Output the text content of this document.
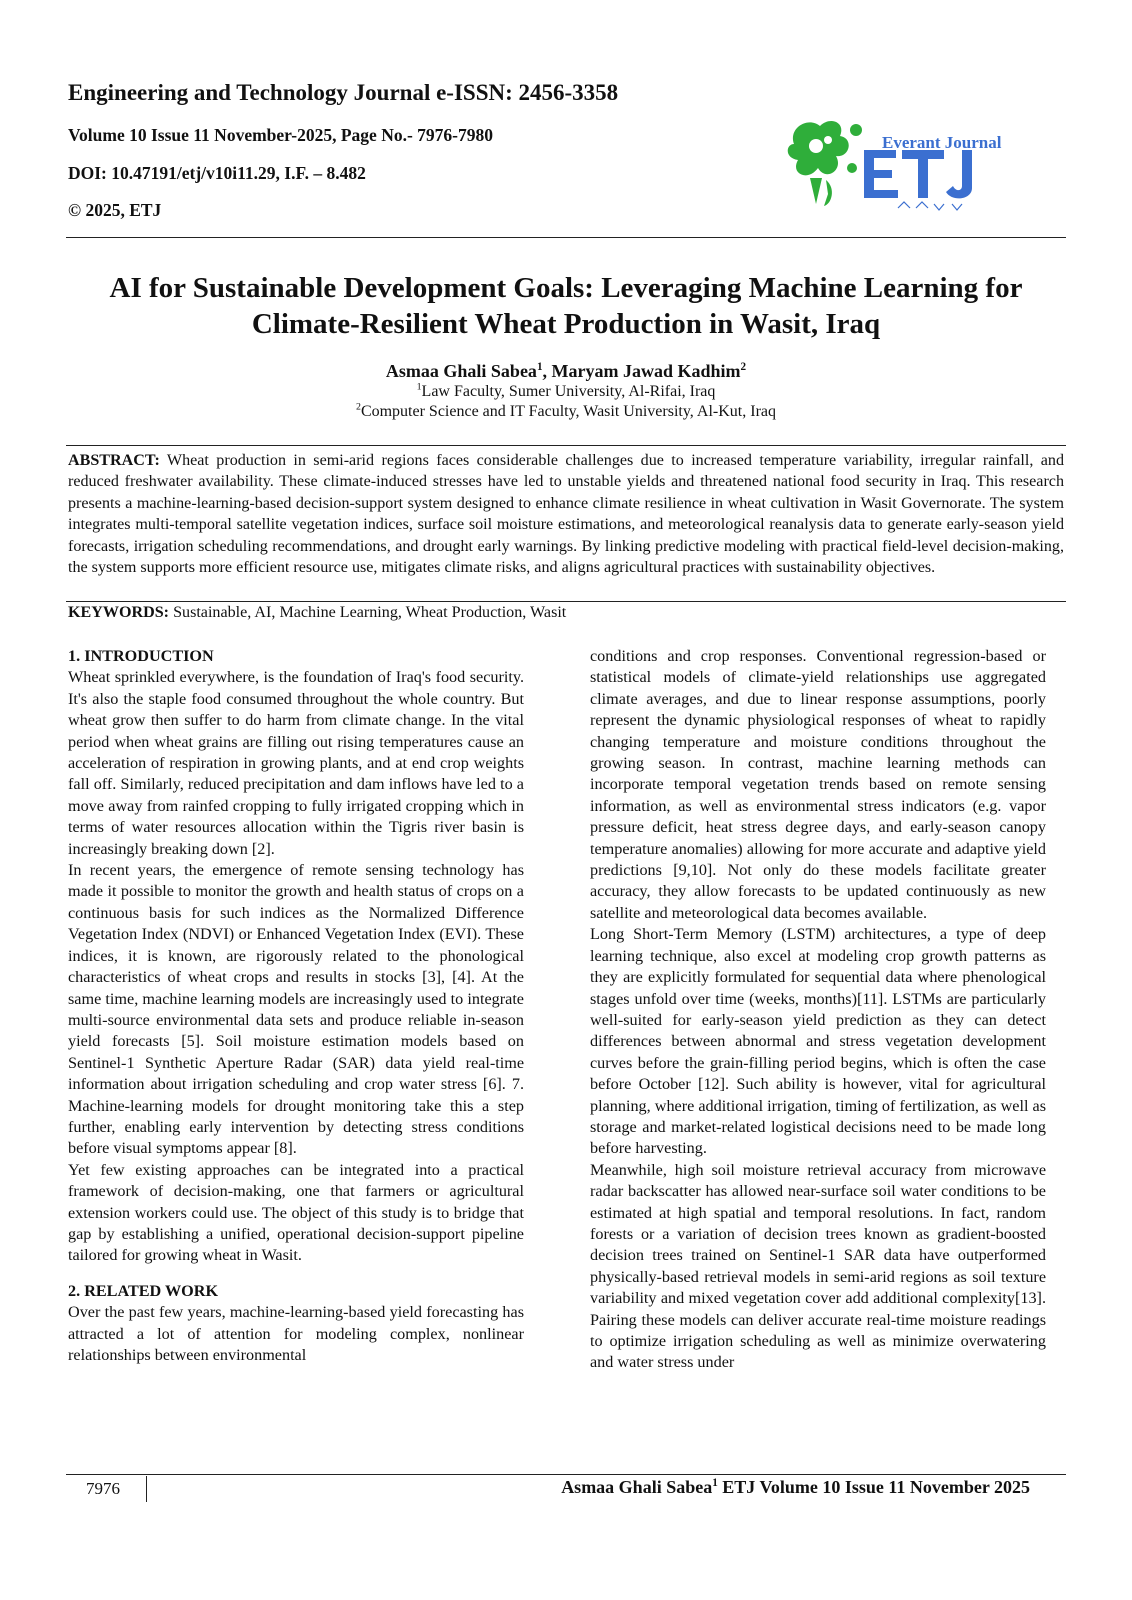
Engineering and Technology Journal e-ISSN: 2456-3358
Volume 10 Issue 11 November-2025, Page No.- 7976-7980
DOI: 10.47191/etj/v10i11.29, I.F. – 8.482
© 2025, ETJ
Everant Journal
AI for Sustainable Development Goals: Leveraging Machine Learning for Climate-Resilient Wheat Production in Wasit, Iraq
Asmaa Ghali Sabea$^1$, Maryam Jawad Kadhim$^2$
$^1$Law Faculty, Sumer University, Al-Rifai, Iraq
$^2$Computer Science and IT Faculty, Wasit University, Al-Kut, Iraq
ABSTRACT: Wheat production in semi-arid regions faces considerable challenges due to increased temperature variability, irregular rainfall, and reduced freshwater availability. These climate-induced stresses have led to unstable yields and threatened national food security in Iraq. This research presents a machine-learning-based decision-support system designed to enhance climate resilience in wheat cultivation in Wasit Governorate. The system integrates multi-temporal satellite vegetation indices, surface soil moisture estimations, and meteorological reanalysis data to generate early-season yield forecasts, irrigation scheduling recommendations, and drought early warnings. By linking predictive modeling with practical field-level decision-making, the system supports more efficient resource use, mitigates climate risks, and aligns agricultural practices with sustainability objectives.
KEYWORDS: Sustainable, AI, Machine Learning, Wheat Production, Wasit
1. INTRODUCTION

Wheat sprinkled everywhere, is the foundation of Iraq's food security. It's also the staple food consumed throughout the whole country. But wheat grow then suffer to do harm from climate change. In the vital period when wheat grains are filling out rising temperatures cause an acceleration of respiration in growing plants, and at end crop weights fall off. Similarly, reduced precipitation and dam inflows have led to a move away from rainfed cropping to fully irrigated cropping which in terms of water resources allocation within the Tigris river basin is increasingly breaking down [2].

In recent years, the emergence of remote sensing technology has made it possible to monitor the growth and health status of crops on a continuous basis for such indices as the Normalized Difference Vegetation Index (NDVI) or Enhanced Vegetation Index (EVI). These indices, it is known, are rigorously related to the phonological characteristics of wheat crops and results in stocks [3], [4]. At the same time, machine learning models are increasingly used to integrate multi-source environmental data sets and produce reliable in-season yield forecasts [5]. Soil moisture estimation models based on Sentinel-1 Synthetic Aperture Radar (SAR) data yield real-time information about irrigation scheduling and crop water stress [6]. 7. Machine-learning models for drought monitoring take this a step further, enabling early intervention by detecting stress conditions before visual symptoms appear [8].

Yet few existing approaches can be integrated into a practical framework of decision-making, one that farmers or agricultural extension workers could use. The object of this study is to bridge that gap by establishing a unified, operational decision-support pipeline tailored for growing wheat in Wasit.

2. RELATED WORK

Over the past few years, machine-learning-based yield forecasting has attracted a lot of attention for modeling complex, nonlinear relationships between environmental

conditions and crop responses. Conventional regression-based or statistical models of climate-yield relationships use aggregated climate averages, and due to linear response assumptions, poorly represent the dynamic physiological responses of wheat to rapidly changing temperature and moisture conditions throughout the growing season. In contrast, machine learning methods can incorporate temporal vegetation trends based on remote sensing information, as well as environmental stress indicators (e.g. vapor pressure deficit, heat stress degree days, and early-season canopy temperature anomalies) allowing for more accurate and adaptive yield predictions [9,10]. Not only do these models facilitate greater accuracy, they allow forecasts to be updated continuously as new satellite and meteorological data becomes available.

Long Short-Term Memory (LSTM) architectures, a type of deep learning technique, also excel at modeling crop growth patterns as they are explicitly formulated for sequential data where phenological stages unfold over time (weeks, months)[11]. LSTMs are particularly well-suited for early-season yield prediction as they can detect differences between abnormal and stress vegetation development curves before the grain-filling period begins, which is often the case before October [12]. Such ability is however, vital for agricultural planning, where additional irrigation, timing of fertilization, as well as storage and market-related logistical decisions need to be made long before harvesting.

Meanwhile, high soil moisture retrieval accuracy from microwave radar backscatter has allowed near-surface soil water conditions to be estimated at high spatial and temporal resolutions. In fact, random forests or a variation of decision trees known as gradient-boosted decision trees trained on Sentinel-1 SAR data have outperformed physically-based retrieval models in semi-arid regions as soil texture variability and mixed vegetation cover add additional complexity[13]. Pairing these models can deliver accurate real-time moisture readings to optimize irrigation scheduling as well as minimize overwatering and water stress under

7976	Asmaa Ghali Sabea$^1$ ETJ Volume 10 Issue 11 November 2025
